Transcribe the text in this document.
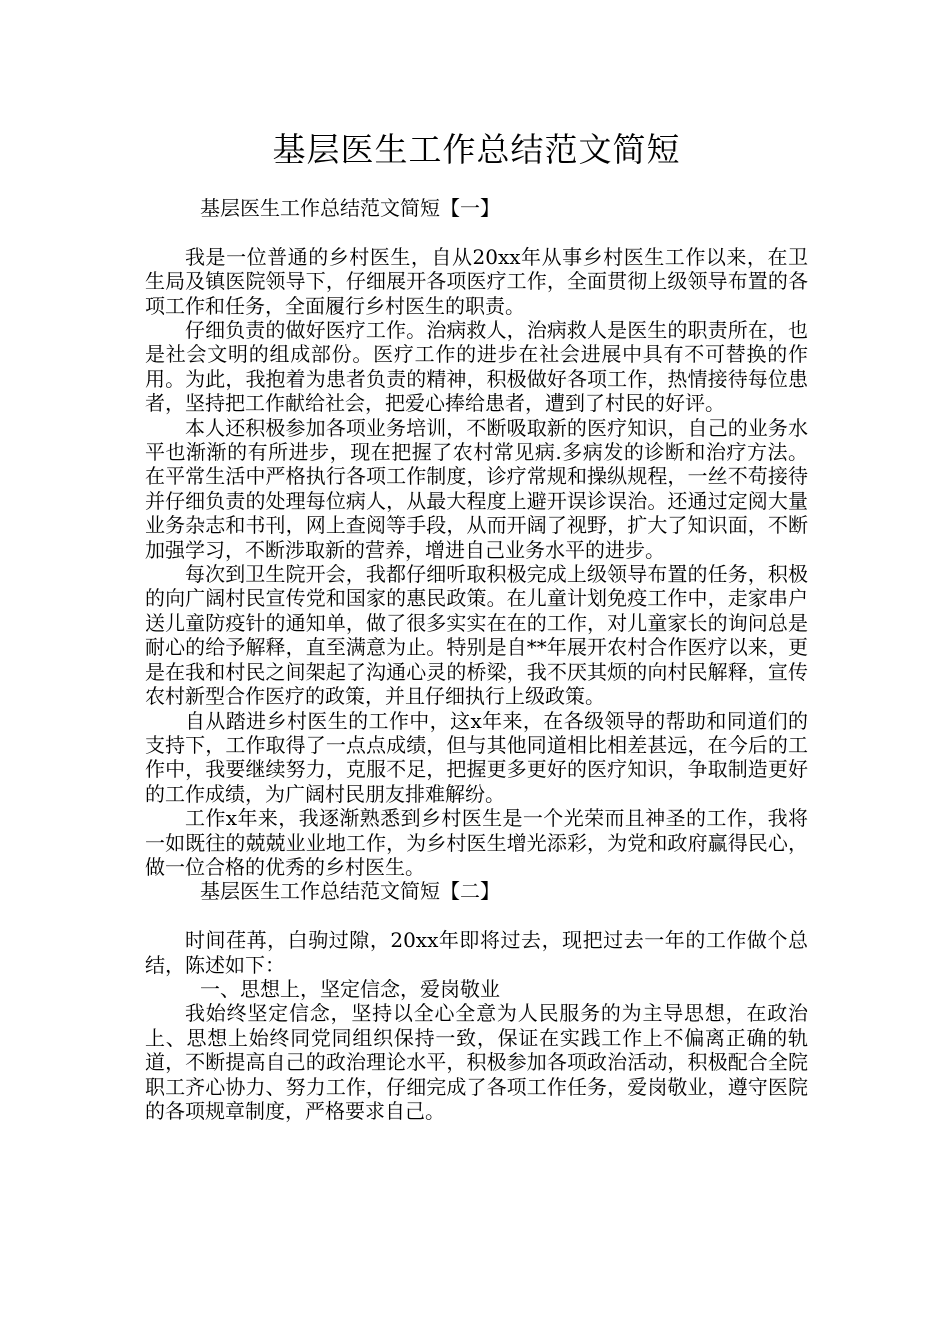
基层医生工作总结范文简短

基层医生工作总结范文简短【一】

我是一位普通的乡村医生，自从20xx年从事乡村医生工作以来，在卫生局及镇医院领导下，仔细展开各项医疗工作，全面贯彻上级领导布置的各项工作和任务，全面履行乡村医生的职责。

仔细负责的做好医疗工作。治病救人，治病救人是医生的职责所在，也是社会文明的组成部份。医疗工作的进步在社会进展中具有不可替换的作用。为此，我抱着为患者负责的精神，积极做好各项工作，热情接待每位患者，坚持把工作献给社会，把爱心捧给患者，遭到了村民的好评。

本人还积极参加各项业务培训，不断吸取新的医疗知识，自己的业务水平也渐渐的有所进步，现在把握了农村常见病.多病发的诊断和治疗方法。在平常生活中严格执行各项工作制度，诊疗常规和操纵规程，一丝不苟接待并仔细负责的处理每位病人，从最大程度上避开误诊误治。还通过定阅大量业务杂志和书刊，网上查阅等手段，从而开阔了视野，扩大了知识面，不断加强学习，不断涉取新的营养，增进自己业务水平的进步。

每次到卫生院开会，我都仔细听取积极完成上级领导布置的任务，积极的向广阔村民宣传党和国家的惠民政策。在儿童计划免疫工作中，走家串户送儿童防疫针的通知单，做了很多实实在在的工作，对儿童家长的询问总是耐心的给予解释，直至满意为止。特别是自**年展开农村合作医疗以来，更是在我和村民之间架起了沟通心灵的桥梁，我不厌其烦的向村民解释，宣传农村新型合作医疗的政策，并且仔细执行上级政策。

自从踏进乡村医生的工作中，这x年来，在各级领导的帮助和同道们的支持下，工作取得了一点点成绩，但与其他同道相比相差甚远，在今后的工作中，我要继续努力，克服不足，把握更多更好的医疗知识，争取制造更好的工作成绩，为广阔村民朋友排难解纷。

工作x年来，我逐渐熟悉到乡村医生是一个光荣而且神圣的工作，我将一如既往的兢兢业业地工作，为乡村医生增光添彩，为党和政府赢得民心，做一位合格的优秀的乡村医生。

基层医生工作总结范文简短【二】

时间荏苒，白驹过隙，20xx年即将过去，现把过去一年的工作做个总结，陈述如下：

一、思想上，坚定信念，爱岗敬业

我始终坚定信念，坚持以全心全意为人民服务的为主导思想，在政治上、思想上始终同党同组织保持一致，保证在实践工作上不偏离正确的轨道，不断提高自己的政治理论水平，积极参加各项政治活动，积极配合全院职工齐心协力、努力工作，仔细完成了各项工作任务，爱岗敬业，遵守医院的各项规章制度，严格要求自己。
